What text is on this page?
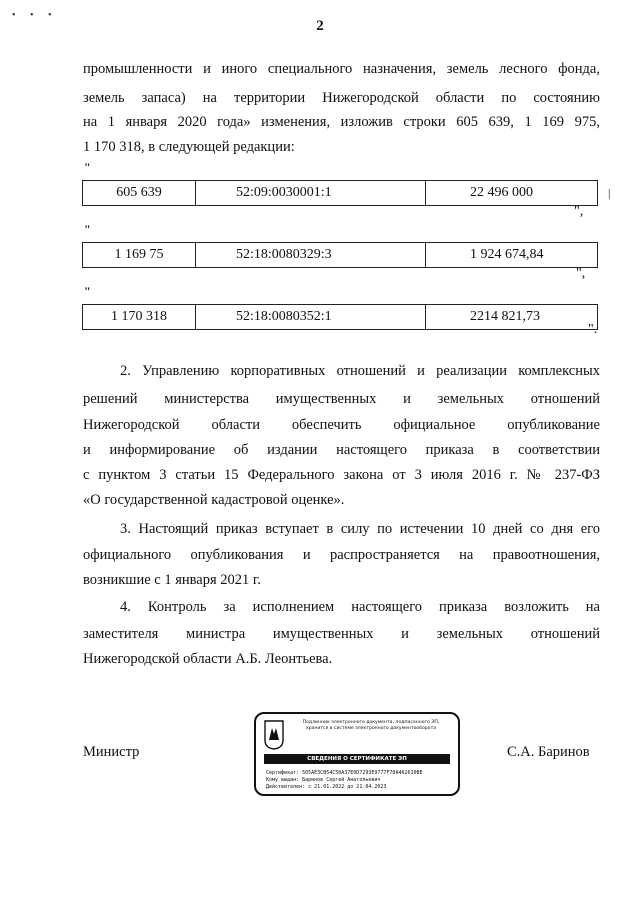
• • •
2
промышленности и иного специального назначения, земель лесного фонда,
земель запаса) на территории Нижегородской области по состоянию
на 1 января 2020 года» изменения, изложив строки 605 639, 1 169 975,
1 170 318, в следующей редакции:
"
605 639	52:09:0030001:1	22 496 000	|
",
"
1 169 75	52:18:0080329:3	1 924 674,84
",
"
1 170 318	52:18:0080352:1	2214 821,73
".
2. Управлению корпоративных отношений и реализации комплексных
решений министерства имущественных и земельных отношений
Нижегородской области обеспечить официальное опубликование
и информирование об издании настоящего приказа в соответствии
с пунктом 3 статьи 15 Федерального закона от 3 июля 2016 г. № 237-ФЗ
«О государственной кадастровой оценке».
3. Настоящий приказ вступает в силу по истечении 10 дней со дня его
официального опубликования и распространяется на правоотношения,
возникшие с 1 января 2021 г.
4. Контроль за исполнением настоящего приказа возложить на
заместителя министра имущественных и земельных отношений
Нижегородской области А.Б. Леонтьева.
Министр	С.А. Баринов
Подлинник электронного документа, подписанного ЭП,
хранится в системе электронного документооборота
СВЕДЕНИЯ О СЕРТИФИКАТЕ ЭП
Сертификат: 505AE3CB54C50A37E0D7293E9777F70A462610BE
Кому выдан: Баринов Сергей Анатольевич
Действителен: с 21.01.2022 до 21.04.2023
